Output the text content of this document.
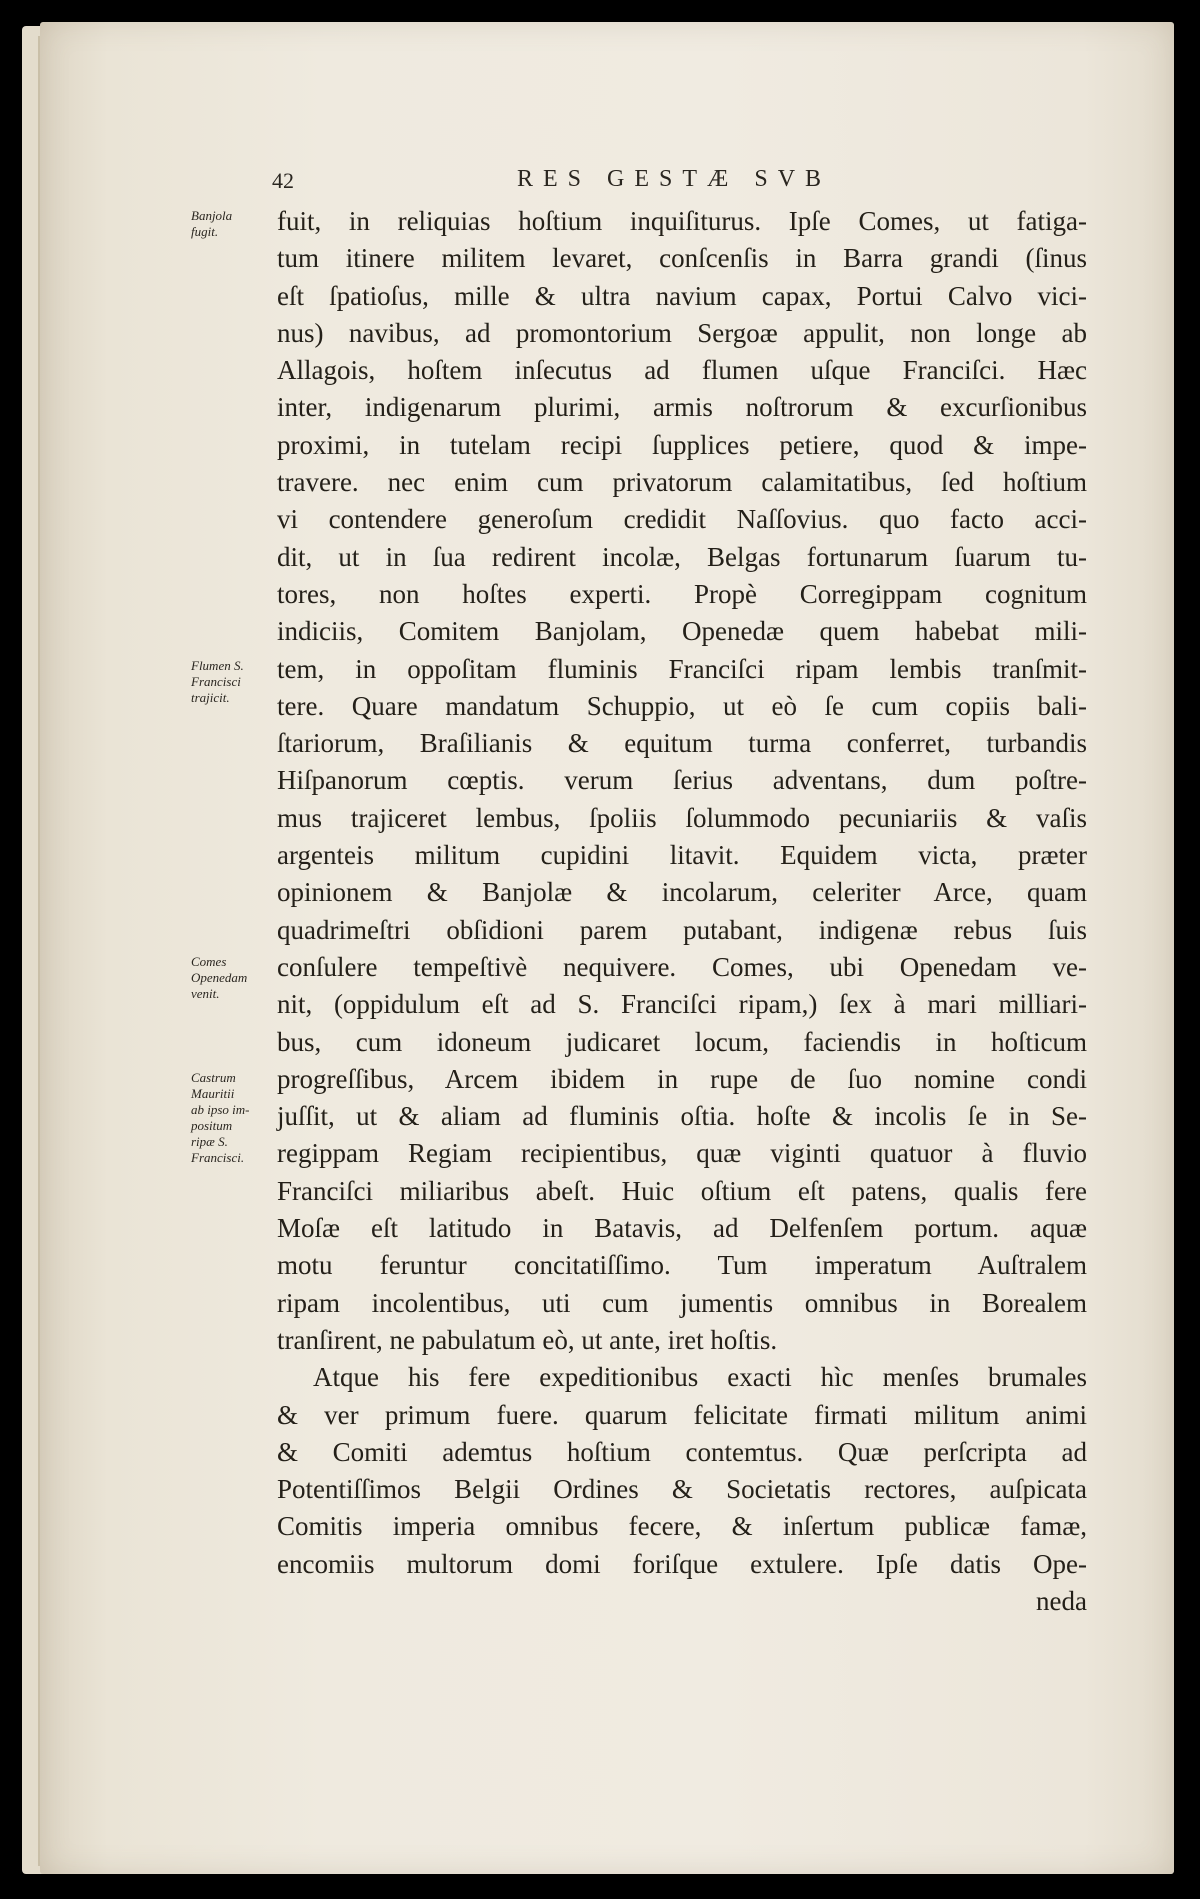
42	RES GESTÆ SVB
Banjola
fugit.
Flumen S.
Francisci
trajicit.
Comes
Openedam
venit.
Castrum
Mauritii
ab ipso im-
positum
ripæ S.
Francisci.
fuit, in reliquias hoſtium inquiſiturus. Ipſe Comes, ut fatiga-
tum itinere militem levaret, conſcenſis in Barra grandi (ſinus
eſt ſpatioſus, mille & ultra navium capax, Portui Calvo vici-
nus) navibus, ad promontorium Sergoæ appulit, non longe ab
Allagois, hoſtem inſecutus ad flumen uſque Franciſci. Hæc
inter, indigenarum plurimi, armis noſtrorum & excurſionibus
proximi, in tutelam recipi ſupplices petiere, quod & impe-
travere. nec enim cum privatorum calamitatibus, ſed hoſtium
vi contendere generoſum credidit Naſſovius. quo facto acci-
dit, ut in ſua redirent incolæ, Belgas fortunarum ſuarum tu-
tores, non hoſtes experti. Propè Corregippam cognitum
indiciis, Comitem Banjolam, Openedæ quem habebat mili-
tem, in oppoſitam fluminis Franciſci ripam lembis tranſmit-
tere. Quare mandatum Schuppio, ut eò ſe cum copiis bali-
ſtariorum, Braſilianis & equitum turma conferret, turbandis
Hiſpanorum cœptis. verum ſerius adventans, dum poſtre-
mus trajiceret lembus, ſpoliis ſolummodo pecuniariis & vaſis
argenteis militum cupidini litavit. Equidem victa, præter
opinionem & Banjolæ & incolarum, celeriter Arce, quam
quadrimeſtri obſidioni parem putabant, indigenæ rebus ſuis
conſulere tempeſtivè nequivere. Comes, ubi Openedam ve-
nit, (oppidulum eſt ad S. Franciſci ripam,) ſex à mari milliari-
bus, cum idoneum judicaret locum, faciendis in hoſticum
progreſſibus, Arcem ibidem in rupe de ſuo nomine condi
juſſit, ut & aliam ad fluminis oſtia. hoſte & incolis ſe in Se-
regippam Regiam recipientibus, quæ viginti quatuor à fluvio
Franciſci miliaribus abeſt. Huic oſtium eſt patens, qualis fere
Moſæ eſt latitudo in Batavis, ad Delfenſem portum. aquæ
motu feruntur concitatiſſimo. Tum imperatum Auſtralem
ripam incolentibus, uti cum jumentis omnibus in Borealem
tranſirent, ne pabulatum eò, ut ante, iret hoſtis.
Atque his fere expeditionibus exacti hìc menſes brumales
& ver primum fuere. quarum felicitate firmati militum animi
& Comiti ademtus hoſtium contemtus. Quæ perſcripta ad
Potentiſſimos Belgii Ordines & Societatis rectores, auſpicata
Comitis imperia omnibus fecere, & inſertum publicæ famæ,
encomiis multorum domi foriſque extulere. Ipſe datis Ope-
neda
